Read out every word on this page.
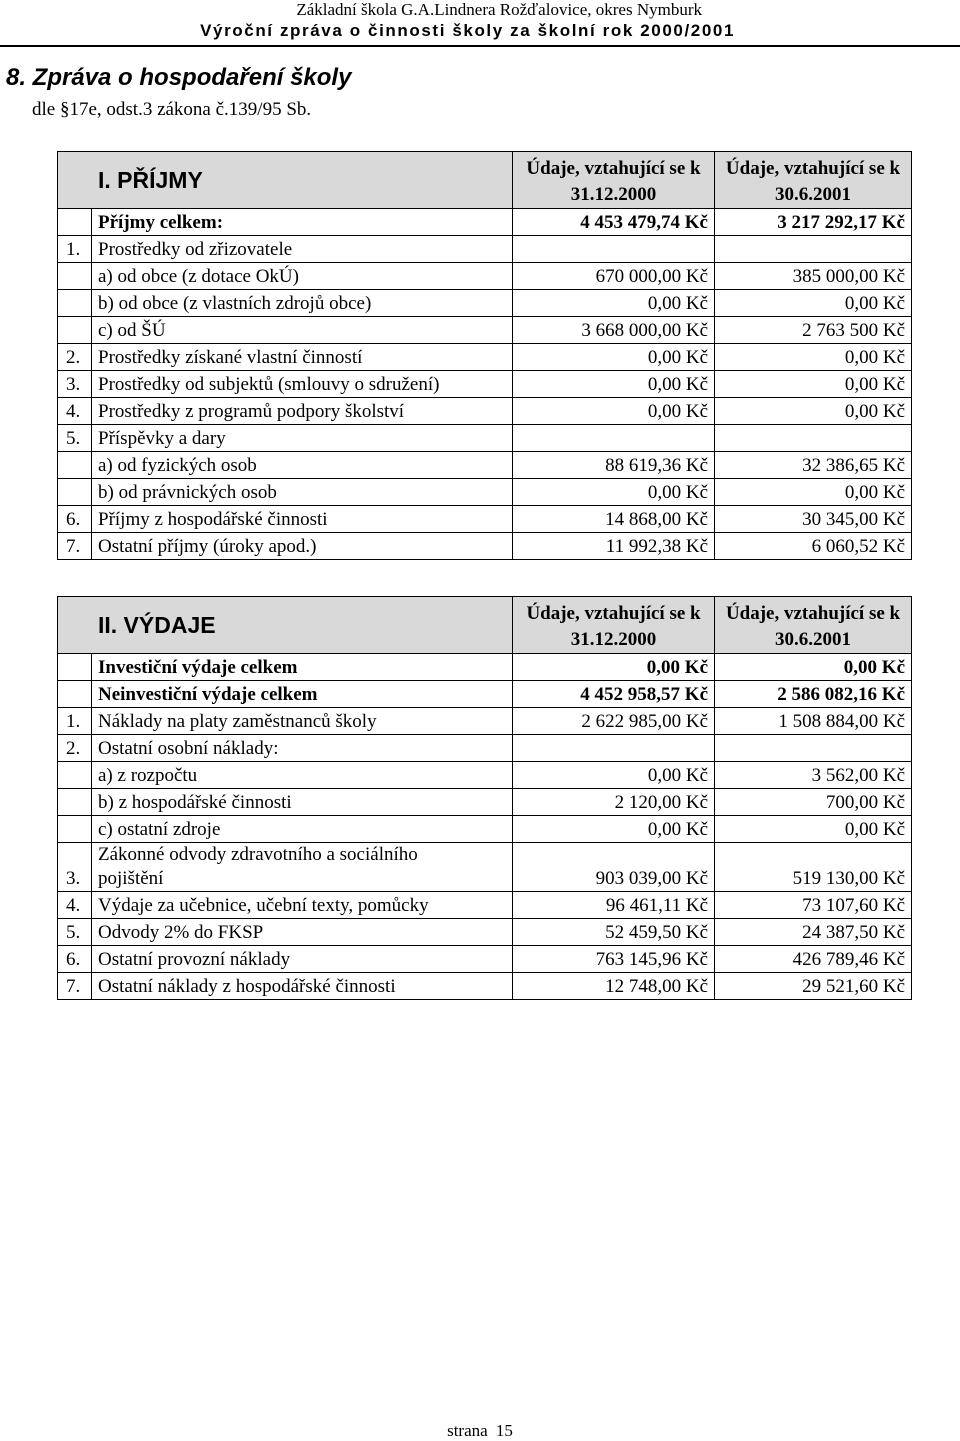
Základní škola G.A.Lindnera Rožďalovice, okres Nymburk
Výroční zpráva o činnosti školy za školní rok 2000/2001
8. Zpráva o hospodaření školy
dle §17e, odst.3 zákona č.139/95 Sb.
I. PŘÍJMY		Údaje, vztahující se k 31.12.2000	Údaje, vztahující se k 30.6.2001
	Příjmy celkem:	4 453 479,74 Kč	3 217 292,17 Kč
1.	Prostředky od zřizovatele		
	a) od obce (z dotace OkÚ)	670 000,00 Kč	385 000,00 Kč
	b) od obce (z vlastních zdrojů obce)	0,00 Kč	0,00 Kč
	c) od ŠÚ	3 668 000,00 Kč	2 763 500 Kč
2.	Prostředky získané vlastní činností	0,00 Kč	0,00 Kč
3.	Prostředky od subjektů (smlouvy o sdružení)	0,00 Kč	0,00 Kč
4.	Prostředky z programů podpory školství	0,00 Kč	0,00 Kč
5.	Příspěvky a dary		
	a) od fyzických osob	88 619,36 Kč	32 386,65 Kč
	b) od právnických osob	0,00 Kč	0,00 Kč
6.	Příjmy z hospodářské činnosti	14 868,00 Kč	30 345,00 Kč
7.	Ostatní příjmy (úroky apod.)	11 992,38 Kč	6 060,52 Kč
II. VÝDAJE		Údaje, vztahující se k 31.12.2000	Údaje, vztahující se k 30.6.2001
	Investiční výdaje celkem	0,00 Kč	0,00 Kč
	Neinvestiční výdaje celkem	4 452 958,57 Kč	2 586 082,16 Kč
1.	Náklady na platy zaměstnanců školy	2 622 985,00 Kč	1 508 884,00 Kč
2.	Ostatní osobní náklady:		
	a) z rozpočtu	0,00 Kč	3 562,00 Kč
	b) z hospodářské činnosti	2 120,00 Kč	700,00 Kč
	c) ostatní zdroje	0,00 Kč	0,00 Kč
3.	Zákonné odvody zdravotního a sociálního
pojištění	903 039,00 Kč	519 130,00 Kč
4.	Výdaje za učebnice, učební texty, pomůcky	96 461,11 Kč	73 107,60 Kč
5.	Odvody 2% do FKSP	52 459,50 Kč	24 387,50 Kč
6.	Ostatní provozní náklady	763 145,96 Kč	426 789,46 Kč
7.	Ostatní náklady z hospodářské činnosti	12 748,00 Kč	29 521,60 Kč
strana 15
